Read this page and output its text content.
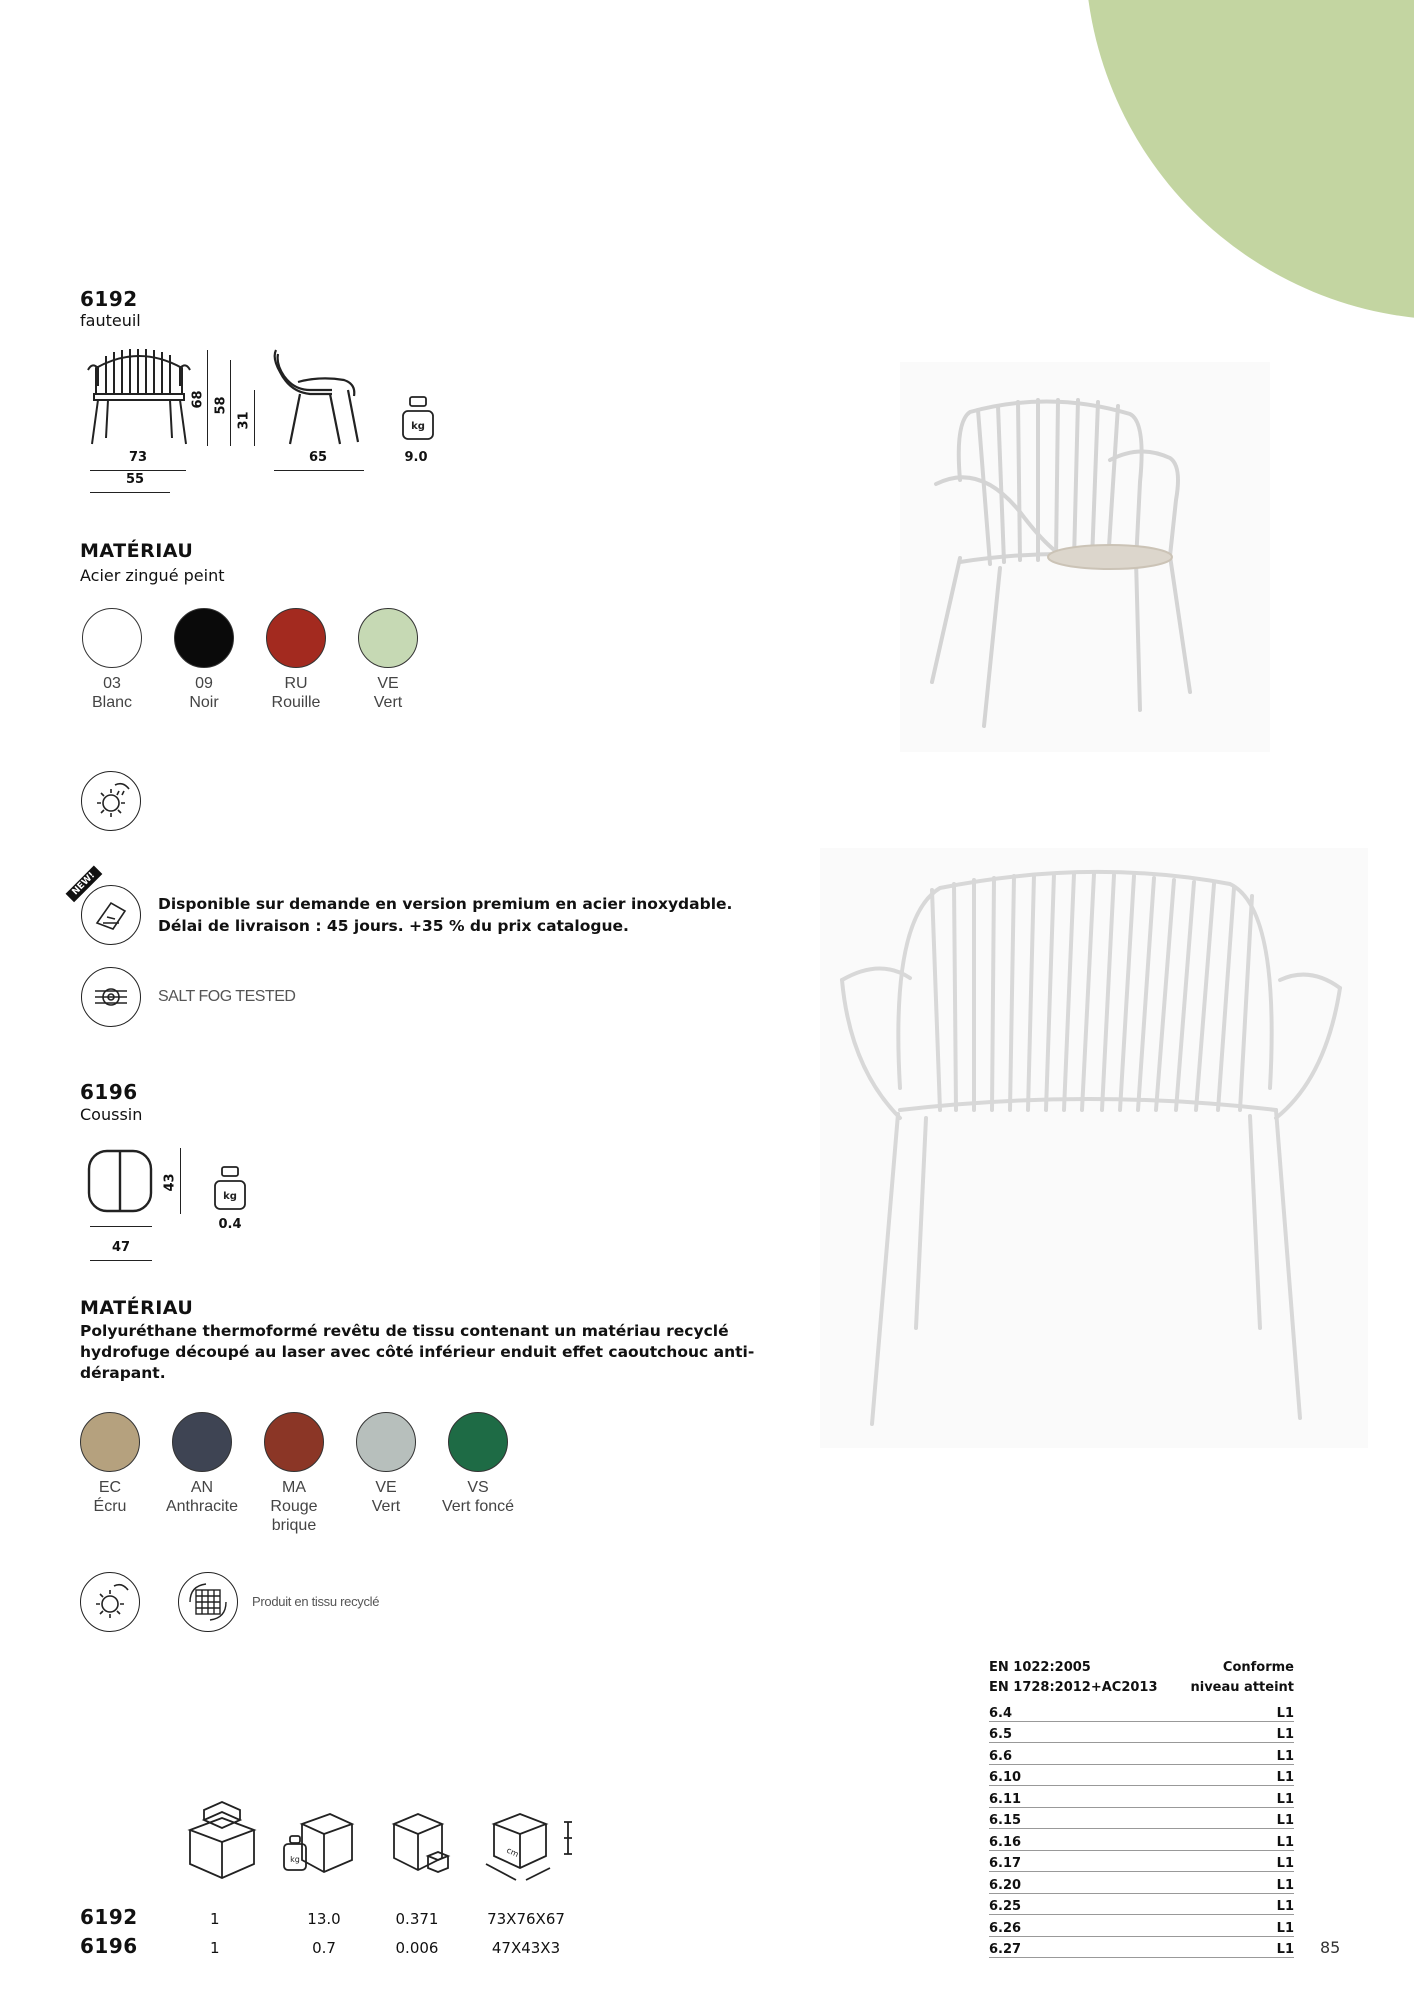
6192
fauteuil
73
55
68 58
31
65
kg
9.0
MATÉRIAU
Acier zingué peint
03
Blanc
09
Noir
RU
Rouille
VE
Vert
NEW!
Disponible sur demande en version premium en acier inoxydable.
Délai de livraison : 45 jours. +35 % du prix catalogue.
SALT FOG TESTED
6196
Coussin
47
43
kg
0.4
MATÉRIAU
Polyuréthane thermoformé revêtu de tissu contenant un matériau recyclé
hydrofuge découpé au laser avec côté inférieur enduit effet caoutchouc anti-
dérapant.
EC
Écru
AN
Anthracite
MA
Rouge
brique
VE
Vert
VS
Vert foncé
Produit en tissu recyclé
EN 1022:2005	Conforme
EN 1728:2012+AC2013	niveau atteint
6.4	L1
6.5	L1
6.6	L1
6.10	L1
6.11	L1
6.15	L1
6.16	L1
6.17	L1
6.20	L1
6.25	L1
6.26	L1
6.27	L1 85
kg
cm
6192	1	13.0	0.371	73X76X67
6196	1	0.7	0.006	47X43X3
